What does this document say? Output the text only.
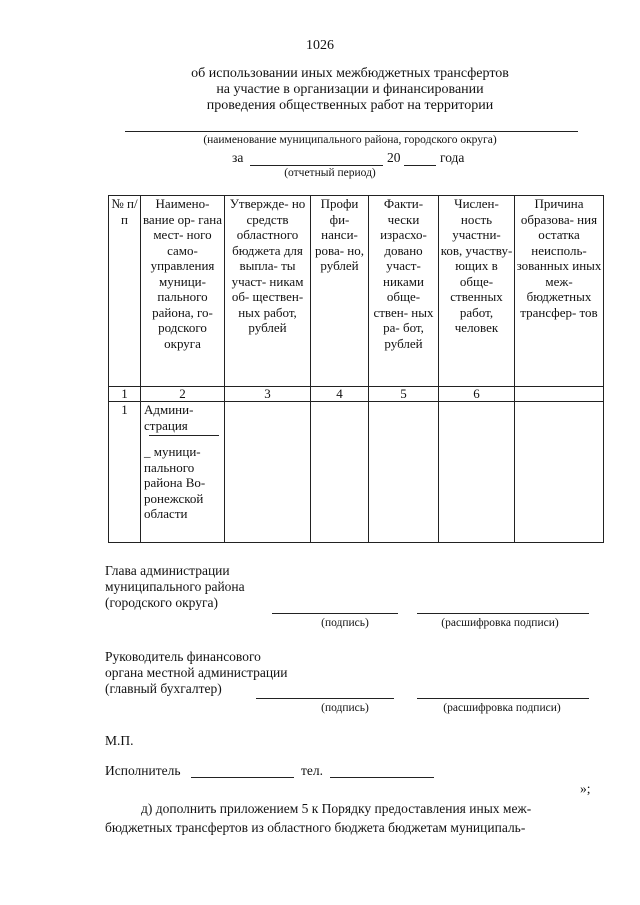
1026
об использовании иных межбюджетных трансфертов
на участие в организации и финансировании
проведения общественных работ на территории
(наименование муниципального района, городского округа)
за	20	года
(отчетный период)
№ п/п	Наимено- вание ор- гана мест- ного само- управления муници- пального района, го- родского округа	Утвержде- но средств областного бюджета для выпла- ты участ- никам об- ществен- ных работ, рублей	Профи фи- нанси- рова- но, рублей	Факти- чески израсхо- довано участ- никами обще- ствен- ных ра- бот, рублей	Числен- ность участни- ков, участву- ющих в обще- ственных работ, человек	Причина образова- ния остатка неисполь- зованных иных меж- бюджетных трансфер- тов
1	2	3	4	5	6	
1	Админи- страция
_ муници- пального района Во- ронежской области					

Глава администрации
муниципального района
(городского округа)
(подпись)	(расшифровка подписи)
Руководитель финансового
органа местной администрации
(главный бухгалтер)
(подпись)	(расшифровка подписи)
М.П.
Исполнитель	тел.
»;
д) дополнить приложением 5 к Порядку предоставления иных меж-
бюджетных трансфертов из областного бюджета бюджетам муниципаль-
